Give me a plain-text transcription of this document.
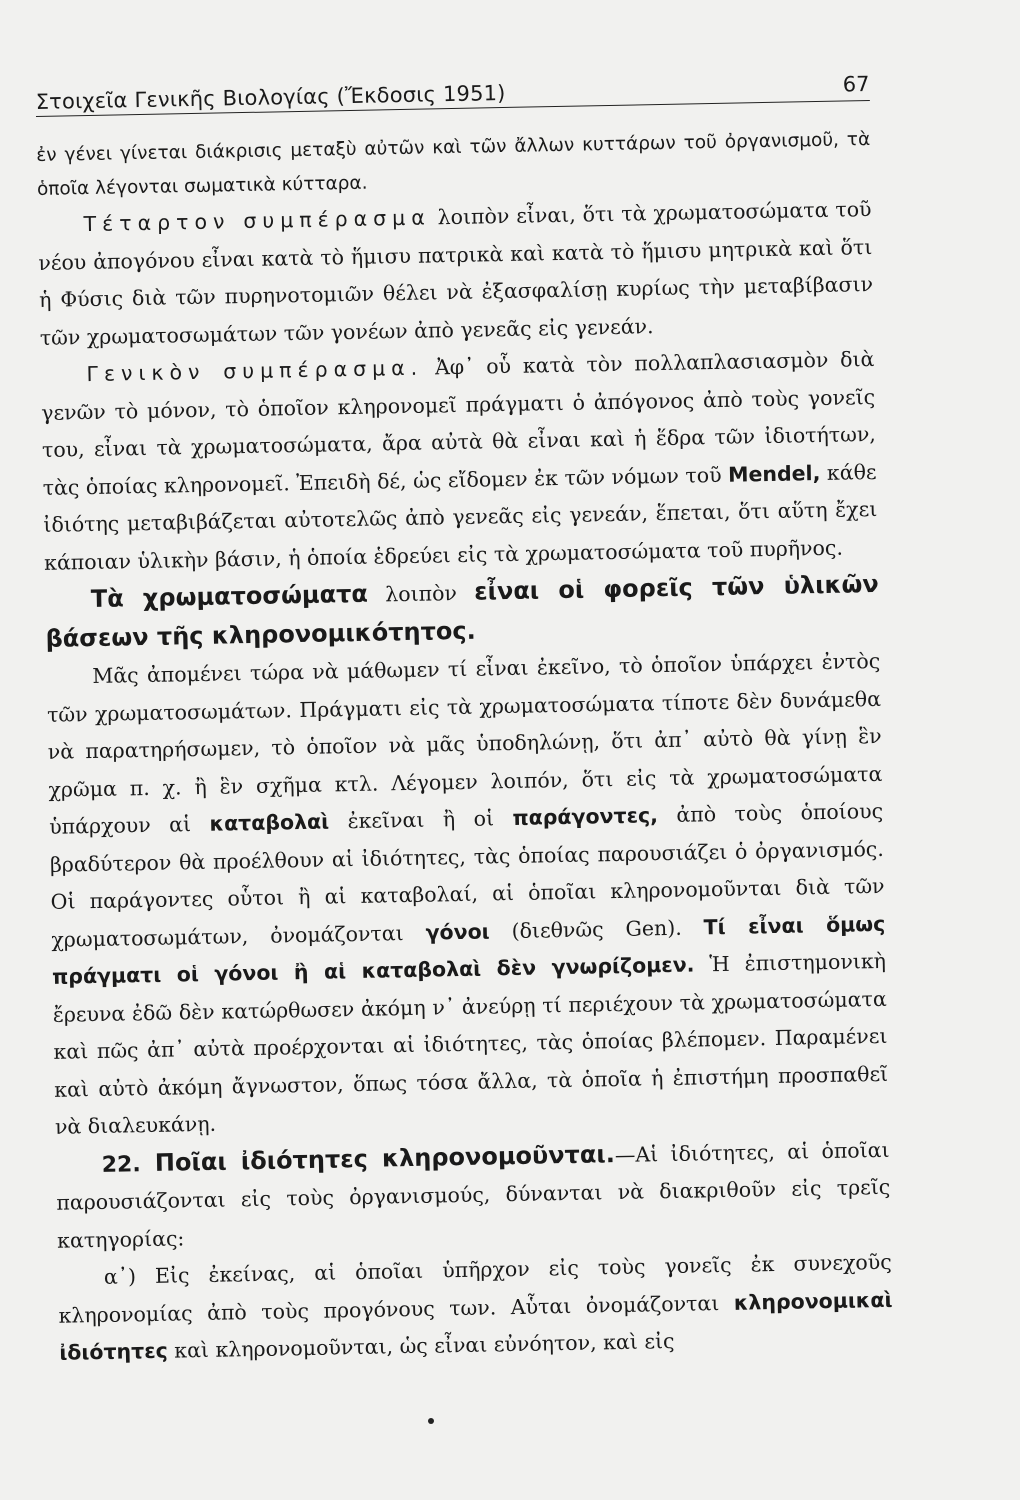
Στοιχεῖα Γενικῆς Βιολογίας (Ἔκδοσις 1951)	67

ἐν γένει γίνεται διάκρισις μεταξὺ αὐτῶν καὶ τῶν ἄλλων κυττάρων τοῦ ὀργανισμοῦ, τὰ ὁποῖα λέγονται σωματικὰ κύτταρα.

Τέταρτον συμπέρασμα λοιπὸν εἶναι, ὅτι τὰ χρωματοσώματα τοῦ νέου ἀπογόνου εἶναι κατὰ τὸ ἥμισυ πατρικὰ καὶ κατὰ τὸ ἥμισυ μητρικὰ καὶ ὅτι ἡ Φύσις διὰ τῶν πυρηνοτομιῶν θέλει νὰ ἐξασφαλίσῃ κυρίως τὴν μεταβίβασιν τῶν χρωματοσωμάτων τῶν γονέων ἀπὸ γενεᾶς εἰς γενεάν.

Γενικὸν συμπέρασμα. Ἀφ᾽ οὗ κατὰ τὸν πολλαπλασιασμὸν διὰ γενῶν τὸ μόνον, τὸ ὁποῖον κληρονομεῖ πράγματι ὁ ἀπόγονος ἀπὸ τοὺς γονεῖς του, εἶναι τὰ χρωματοσώματα, ἄρα αὐτὰ θὰ εἶναι καὶ ἡ ἕδρα τῶν ἰδιοτήτων, τὰς ὁποίας κληρονομεῖ. Ἐπειδὴ δέ, ὡς εἴδομεν ἐκ τῶν νόμων τοῦ Mendel, κάθε ἰδιότης μεταβιβάζεται αὐτοτελῶς ἀπὸ γενεᾶς εἰς γενεάν, ἕπεται, ὅτι αὕτη ἔχει κάποιαν ὑλικὴν βάσιν, ἡ ὁποία ἑδρεύει εἰς τὰ χρωματοσώματα τοῦ πυρῆνος.

Τὰ χρωματοσώματα λοιπὸν εἶναι οἱ φορεῖς τῶν ὑλικῶν βάσεων τῆς κληρονομικότητος.

Μᾶς ἀπομένει τώρα νὰ μάθωμεν τί εἶναι ἐκεῖνο, τὸ ὁποῖον ὑπάρχει ἐντὸς τῶν χρωματοσωμάτων. Πράγματι εἰς τὰ χρωματοσώματα τίποτε δὲν δυνάμεθα νὰ παρατηρήσωμεν, τὸ ὁποῖον νὰ μᾶς ὑποδηλώνῃ, ὅτι ἀπ᾽ αὐτὸ θὰ γίνῃ ἓν χρῶμα π. χ. ἢ ἓν σχῆμα κτλ. Λέγομεν λοιπόν, ὅτι εἰς τὰ χρωματοσώματα ὑπάρχουν αἱ καταβολαὶ ἐκεῖναι ἢ οἱ παράγοντες, ἀπὸ τοὺς ὁποίους βραδύτερον θὰ προέλθουν αἱ ἰδιότητες, τὰς ὁποίας παρουσιάζει ὁ ὀργανισμός. Οἱ παράγοντες οὗτοι ἢ αἱ καταβολαί, αἱ ὁποῖαι κληρονομοῦνται διὰ τῶν χρωματοσωμάτων, ὀνομάζονται γόνοι (διεθνῶς Gen). Τί εἶναι ὅμως πράγματι οἱ γόνοι ἢ αἱ καταβολαὶ δὲν γνωρίζομεν. Ἡ ἐπιστημονικὴ ἔρευνα ἐδῶ δὲν κατώρθωσεν ἀκόμη ν᾽ ἀνεύρῃ τί περιέχουν τὰ χρωματοσώματα καὶ πῶς ἀπ᾽ αὐτὰ προέρχονται αἱ ἰδιότητες, τὰς ὁποίας βλέπομεν. Παραμένει καὶ αὐτὸ ἀκόμη ἄγνωστον, ὅπως τόσα ἄλλα, τὰ ὁποῖα ἡ ἐπιστήμη προσπαθεῖ νὰ διαλευκάνῃ.

22. Ποῖαι ἰδιότητες κληρονομοῦνται.—Αἱ ἰδιότητες, αἱ ὁποῖαι παρουσιάζονται εἰς τοὺς ὀργανισμούς, δύνανται νὰ διακριθοῦν εἰς τρεῖς κατηγορίας:

α᾽) Εἰς ἐκείνας, αἱ ὁποῖαι ὑπῆρχον εἰς τοὺς γονεῖς ἐκ συνεχοῦς κληρονομίας ἀπὸ τοὺς προγόνους των. Αὗται ὀνομάζονται κληρονομικαὶ ἰδιότητες καὶ κληρονομοῦνται, ὡς εἶναι εὐνόητον, καὶ εἰς
